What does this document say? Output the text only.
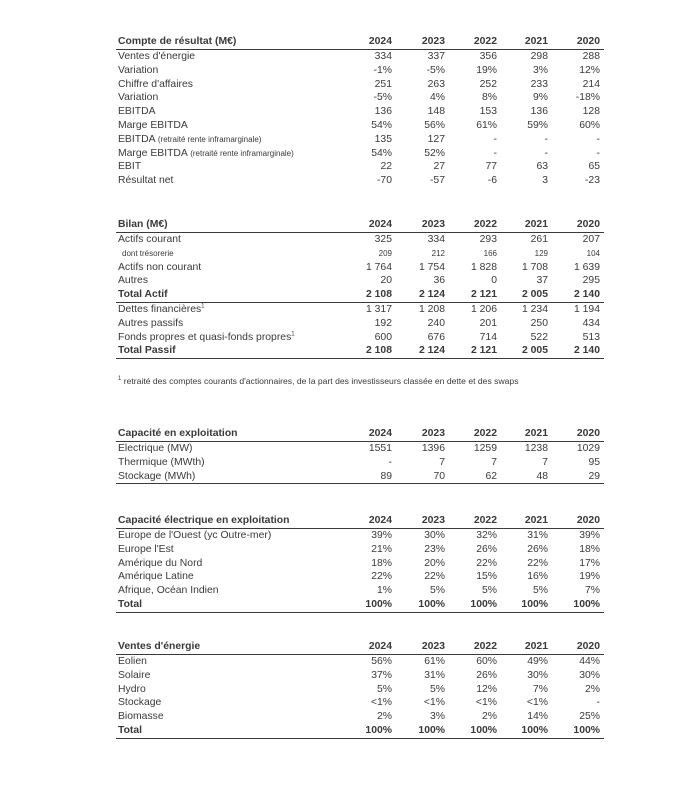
Compte de résultat (M€)	2024	2023	2022	2021	2020
Ventes d'énergie	334	337	356	298	288
Variation	-1%	-5%	19%	3%	12%
Chiffre d'affaires	251	263	252	233	214
Variation	-5%	4%	8%	9%	-18%
EBITDA	136	148	153	136	128
Marge EBITDA	54%	56%	61%	59%	60%
EBITDA (retraité rente inframarginale)	135	127	-	-	-
Marge EBITDA (retraité rente inframarginale)	54%	52%	-	-	-
EBIT	22	27	77	63	65
Résultat net	-70	-57	-6	3	-23
Bilan (M€)	2024	2023	2022	2021	2020
Actifs courant	325	334	293	261	207
dont trésorerie	209	212	166	129	104
Actifs non courant	1 764	1 754	1 828	1 708	1 639
Autres	20	36	0	37	295
Total Actif	2 108	2 124	2 121	2 005	2 140
Dettes financières$^1$	1 317	1 208	1 206	1 234	1 194
Autres passifs	192	240	201	250	434
Fonds propres et quasi-fonds propres$^1$	600	676	714	522	513
Total Passif	2 108	2 124	2 121	2 005	2 140
$^1$ retraité des comptes courants d'actionnaires, de la part des investisseurs classée en dette et des swaps
Capacité en exploitation	2024	2023	2022	2021	2020
Electrique (MW)	1551	1396	1259	1238	1029
Thermique (MWth)	-	7	7	7	95
Stockage (MWh)	89	70	62	48	29
Capacité électrique en exploitation	2024	2023	2022	2021	2020
Europe de l'Ouest (yc Outre-mer)	39%	30%	32%	31%	39%
Europe l'Est	21%	23%	26%	26%	18%
Amérique du Nord	18%	20%	22%	22%	17%
Amérique Latine	22%	22%	15%	16%	19%
Afrique, Océan Indien	1%	5%	5%	5%	7%
Total	100%	100%	100%	100%	100%
Ventes d'énergie	2024	2023	2022	2021	2020
Eolien	56%	61%	60%	49%	44%
Solaire	37%	31%	26%	30%	30%
Hydro	5%	5%	12%	7%	2%
Stockage	<1%	<1%	<1%	<1%	-
Biomasse	2%	3%	2%	14%	25%
Total	100%	100%	100%	100%	100%
